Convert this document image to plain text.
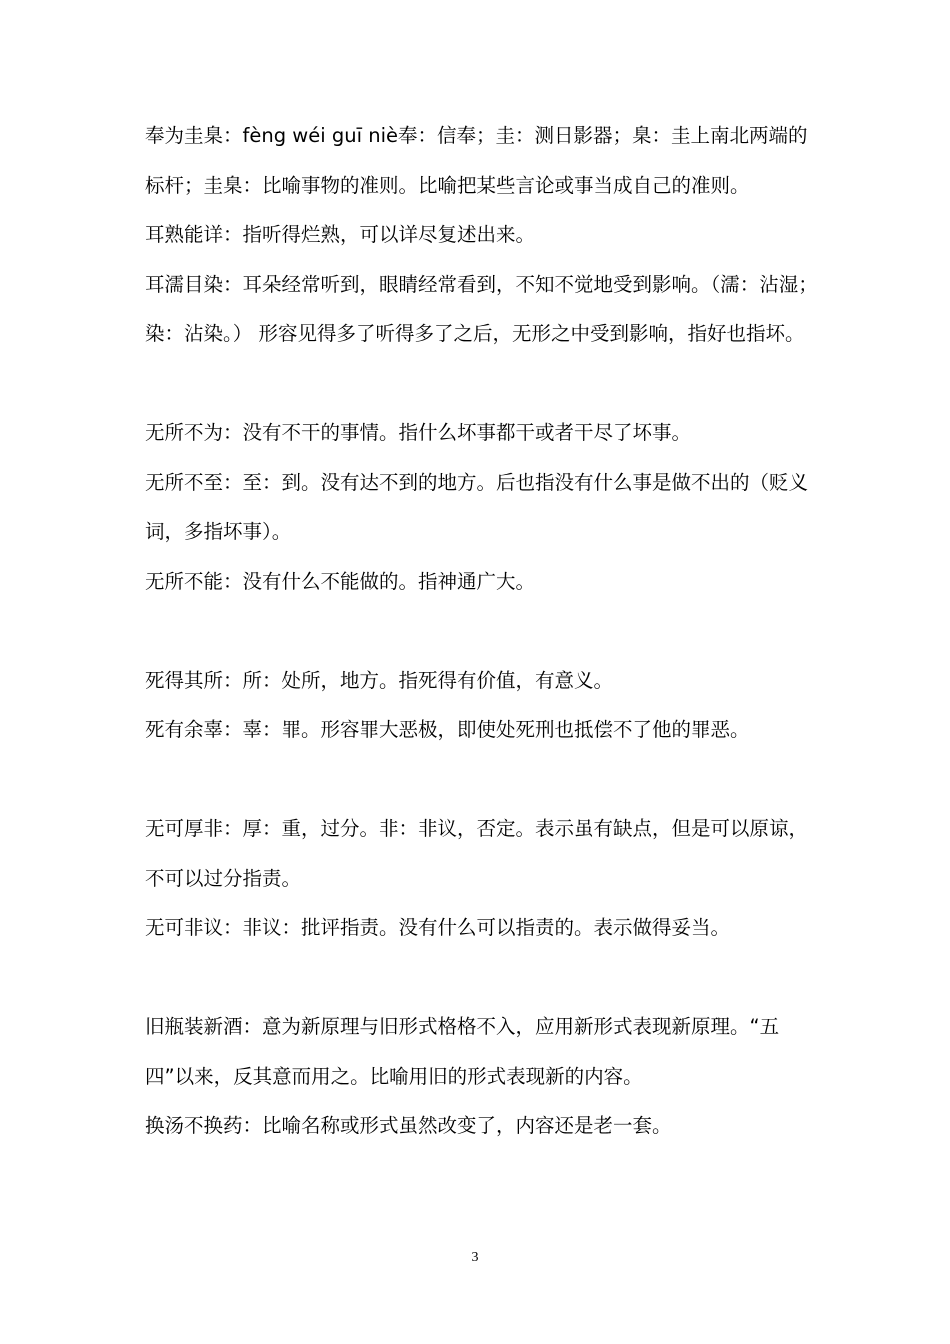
奉为圭臬：fèng wéi guī niè奉：信奉；圭：测日影器；臬：圭上南北两端的标杆；圭臬：比喻事物的准则。比喻把某些言论或事当成自己的准则。

耳熟能详：指听得烂熟，可以详尽复述出来。

耳濡目染：耳朵经常听到，眼睛经常看到，不知不觉地受到影响。（濡：沾湿；染：沾染。） 形容见得多了听得多了之后，无形之中受到影响，指好也指坏。

无所不为：没有不干的事情。指什么坏事都干或者干尽了坏事。

无所不至：至：到。没有达不到的地方。后也指没有什么事是做不出的（贬义词，多指坏事）。

无所不能：没有什么不能做的。指神通广大。

死得其所：所：处所，地方。指死得有价值，有意义。

死有余辜：辜：罪。形容罪大恶极，即使处死刑也抵偿不了他的罪恶。

无可厚非：厚：重，过分。非：非议，否定。表示虽有缺点，但是可以原谅，不可以过分指责。

无可非议：非议：批评指责。没有什么可以指责的。表示做得妥当。

旧瓶装新酒：意为新原理与旧形式格格不入，应用新形式表现新原理。“五四”以来，反其意而用之。比喻用旧的形式表现新的内容。

换汤不换药：比喻名称或形式虽然改变了，内容还是老一套。

3
